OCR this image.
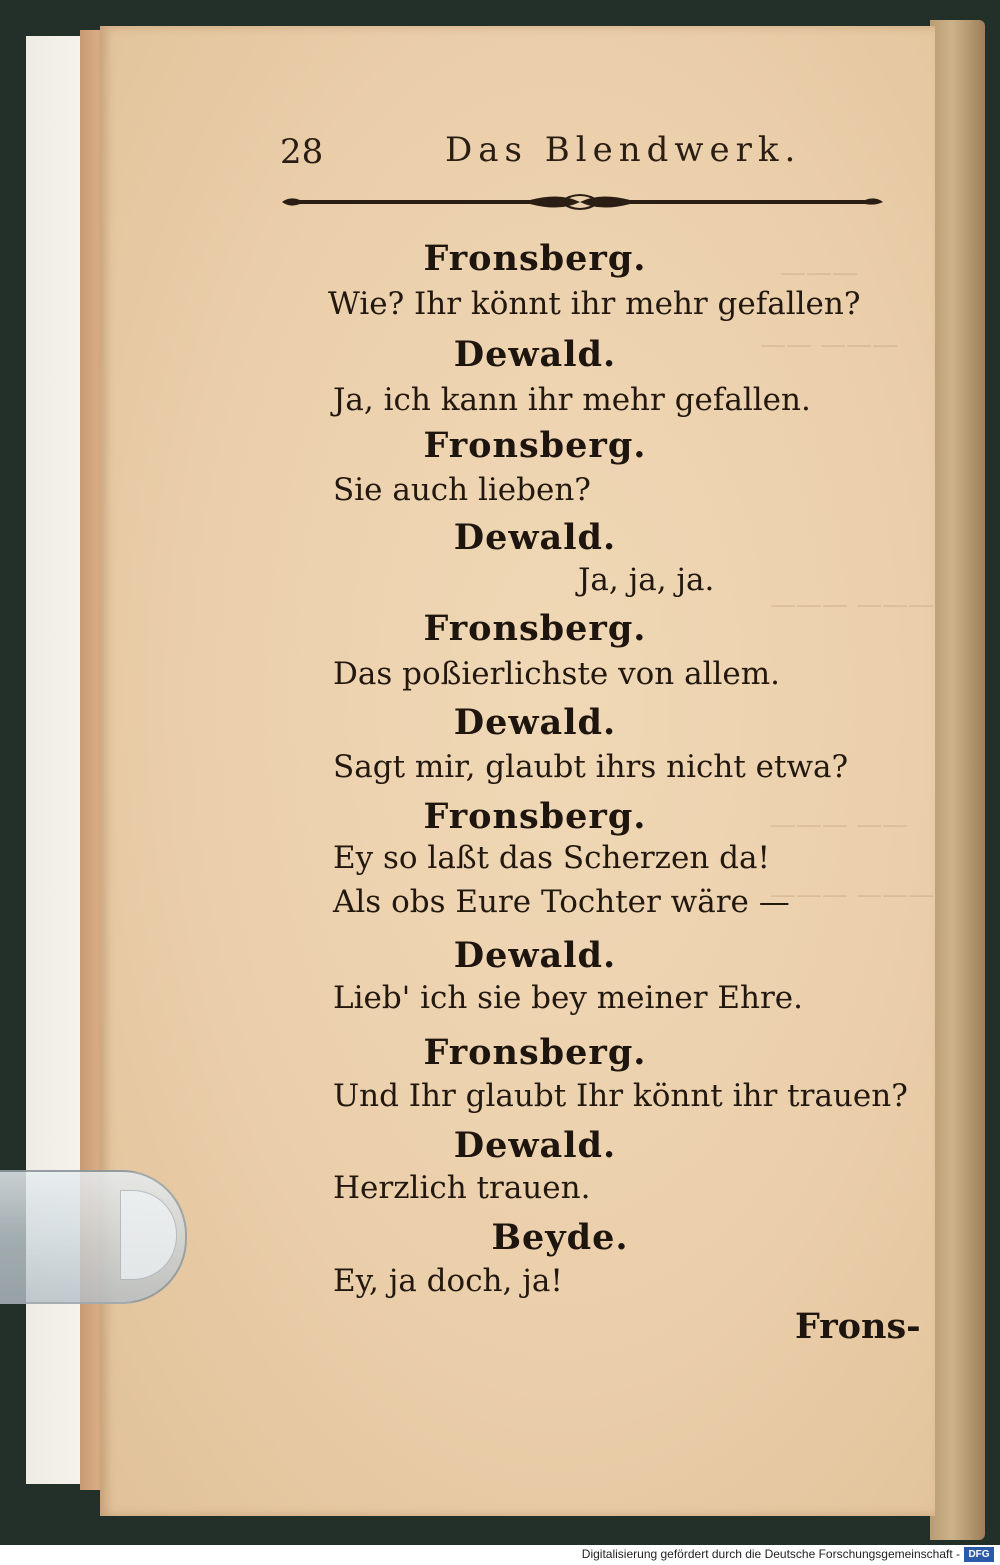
———
—— ———
——— ———
——— ——
——— ———
28	Das Blendwerk.
Fronsberg.
Wie? Ihr könnt ihr mehr gefallen?
Dewald.
Ja, ich kann ihr mehr gefallen.
Fronsberg.
Sie auch lieben?
Dewald.
Ja, ja, ja.
Fronsberg.
Das poßierlichste von allem.
Dewald.
Sagt mir, glaubt ihrs nicht etwa?
Fronsberg.
Ey so laßt das Scherzen da!
Als obs Eure Tochter wäre —
Dewald.
Lieb' ich sie bey meiner Ehre.
Fronsberg.
Und Ihr glaubt Ihr könnt ihr trauen?
Dewald.
Herzlich trauen.
Beyde.
Ey, ja doch, ja!
Frons-
Digitalisierung gefördert durch die Deutsche Forschungsgemeinschaft - DFG
